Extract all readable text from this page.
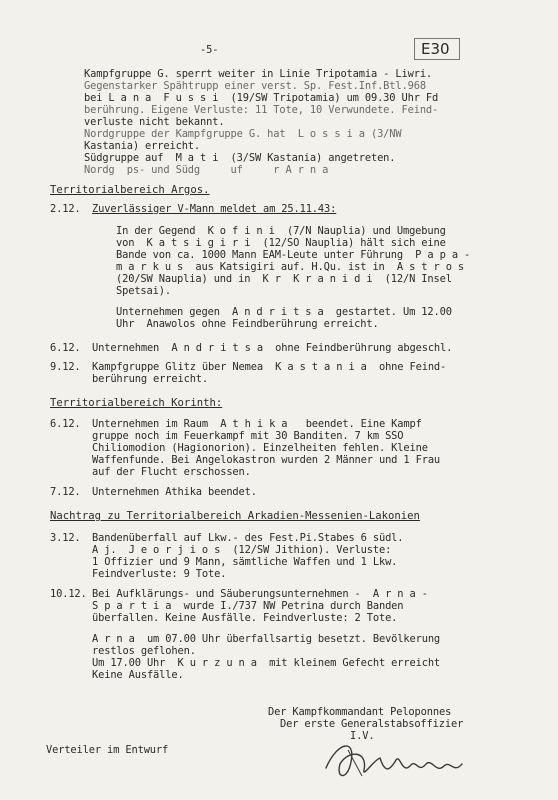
-5-	E30
Kampfgruppe G. sperrt weiter in Linie Tripotamia - Liwri.
Gegenstarker Spähtrupp einer verst. Sp. Fest.Inf.Btl.968
bei L a n a  F u s s i  (19/SW Tripotamia) um 09.30 Uhr Fd
berührung. Eigene Verluste: 11 Tote, 10 Verwundete. Feind-
verluste nicht bekannt.
Nordgruppe der Kampfgruppe G. hat  L o s s i a (3/NW
Kastania) erreicht.
Südgruppe auf  M a t i  (3/SW Kastania) angetreten.
Nordg  ps- und Südg     uf     r A r n a
Territorialbereich Argos.
2.12. Zuverlässiger V-Mann meldet am 25.11.43:
In der Gegend  K o f i n i  (7/N Nauplia) und Umgebung
von  K a t s i g i r i  (12/SO Nauplia) hält sich eine
Bande von ca. 1000 Mann EAM-Leute unter Führung  P a p a -
m a r k u s  aus Katsigiri auf. H.Qu. ist in  A s t r o s
(20/SW Nauplia) und in  K r  K r a n i d i  (12/N Insel
Spetsai).
Unternehmen gegen  A n d r i t s a  gestartet. Um 12.00
Uhr  Anawolos ohne Feindberührung erreicht.
6.12. Unternehmen  A n d r i t s a  ohne Feindberührung abgeschl.
9.12. Kampfgruppe Glitz über Nemea  K a s t a n i a  ohne Feind-
berührung erreicht.
Territorialbereich Korinth:
6.12. Unternehmen im Raum  A t h i k a   beendet. Eine Kampf
gruppe noch im Feuerkampf mit 30 Banditen. 7 km SSO
Chiliomodion (Hagionorion). Einzelheiten fehlen. Kleine
Waffenfunde. Bei Angelokastron wurden 2 Männer und 1 Frau
auf der Flucht erschossen.
7.12. Unternehmen Athika beendet.
Nachtrag zu Territorialbereich Arkadien-Messenien-Lakonien
3.12. Bandenüberfall auf Lkw.- des Fest.Pi.Stabes 6 südl.
A j.  J e o r j i o s  (12/SW Jithion). Verluste:
1 Offizier und 9 Mann, sämtliche Waffen und 1 Lkw.
Feindverluste: 9 Tote.
10.12. Bei Aufklärungs- und Säuberungsunternehmen -  A r n a -
S p a r t i a  wurde I./737 NW Petrina durch Banden
überfallen. Keine Ausfälle. Feindverluste: 2 Tote.
A r n a  um 07.00 Uhr überfallsartig besetzt. Bevölkerung
restlos geflohen.
Um 17.00 Uhr  K u r z u n a  mit kleinem Gefecht erreicht
Keine Ausfälle.
Der Kampfkommandant Peloponnes
Der erste Generalstabsoffizier
I.V.
Verteiler im Entwurf
